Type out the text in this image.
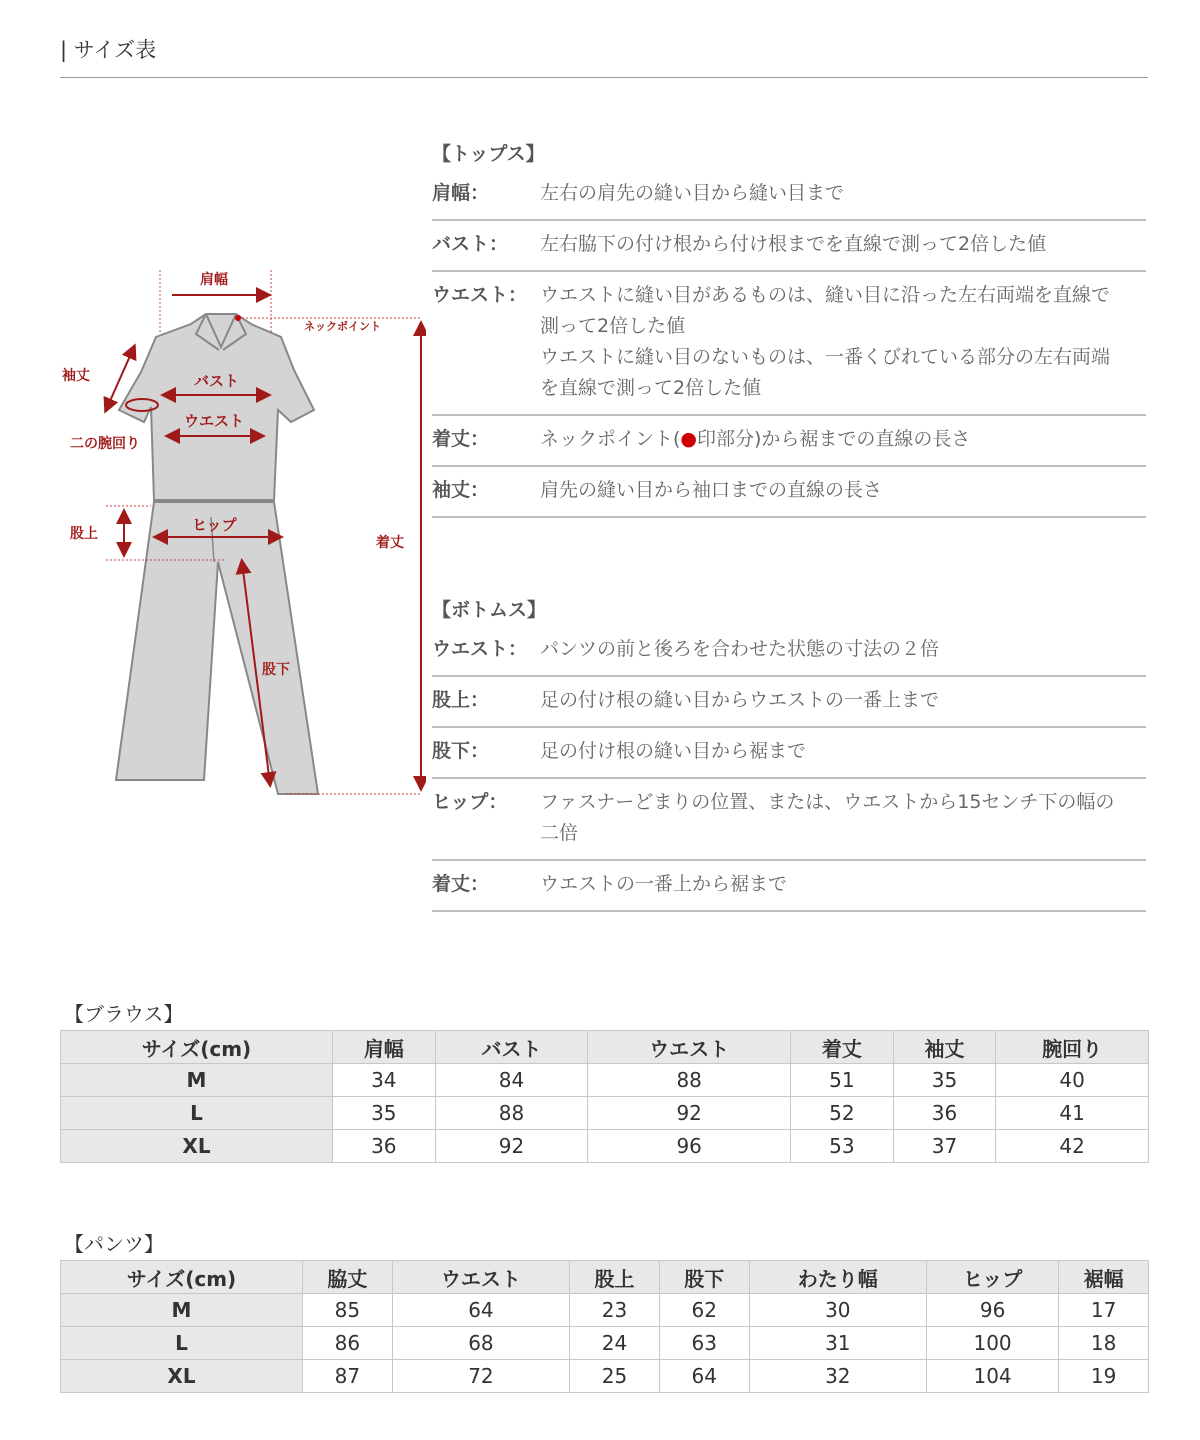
| サイズ表
肩幅
ネックポイント
袖丈	バスト
ウエスト
二の腕回り
着丈
股上	ヒップ
股下
【トップス】
肩幅：	左右の肩先の縫い目から縫い目まで
バスト：	左右脇下の付け根から付け根までを直線で測って2倍した値
ウエスト： ウエストに縫い目があるものは、縫い目に沿った左右両端を直線で
測って2倍した値
ウエストに縫い目のないものは、一番くびれている部分の左右両端
を直線で測って2倍した値
着丈：	ネックポイント(●印部分)から裾までの直線の長さ
袖丈：	肩先の縫い目から袖口までの直線の長さ
【ボトムス】
ウエスト： パンツの前と後ろを合わせた状態の寸法の２倍
股上：	足の付け根の縫い目からウエストの一番上まで
股下：	足の付け根の縫い目から裾まで
ヒップ：	ファスナーどまりの位置、または、ウエストから15センチ下の幅の
二倍
着丈：	ウエストの一番上から裾まで
【ブラウス】
サイズ(cm)	肩幅	バスト	ウエスト	着丈	袖丈	腕回り
M	34	84	88	51	35	40
L	35	88	92	52	36	41
XL	36	92	96	53	37	42
【パンツ】
サイズ(cm)	脇丈	ウエスト	股上	股下	わたり幅	ヒップ	裾幅
M	85	64	23	62	30	96	17
L	86	68	24	63	31	100	18
XL	87	72	25	64	32	104	19
